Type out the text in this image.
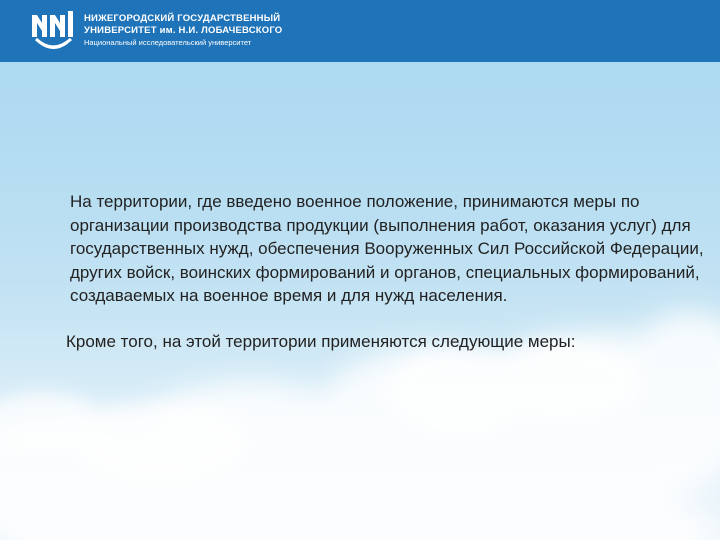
НИЖЕГОРОДСКИЙ ГОСУДАРСТВЕННЫЙ
УНИВЕРСИТЕТ им. Н.И. ЛОБАЧЕВСКОГО
Национальный исследовательский университет

На территории, где введено военное положение, принимаются меры по организации производства продукции (выполнения работ, оказания услуг) для государственных нужд, обеспечения Вооруженных Сил Российской Федерации, других войск, воинских формирований и органов, специальных формирований, создаваемых на военное время и для нужд населения.

Кроме того, на этой территории применяются следующие меры:
